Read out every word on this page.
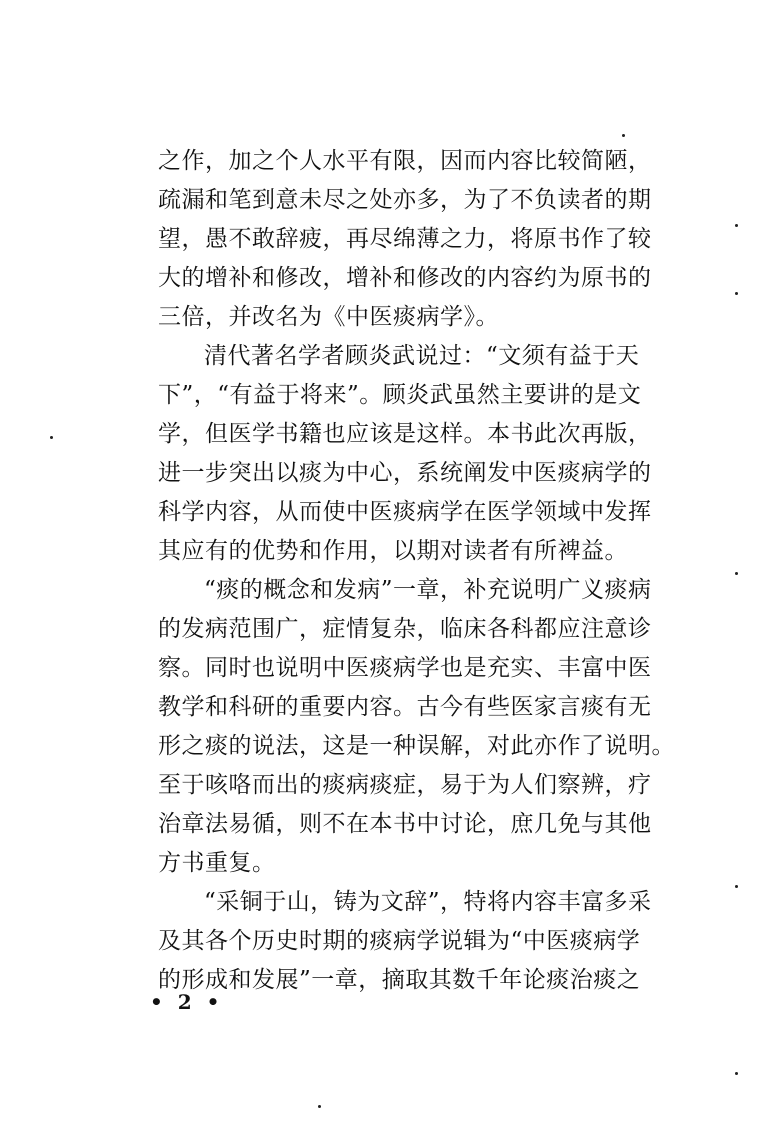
之作，加之个人水平有限，因而内容比较简陋，
疏漏和笔到意未尽之处亦多，为了不负读者的期
望，愚不敢辞疲，再尽绵薄之力，将原书作了较
大的增补和修改，增补和修改的内容约为原书的
三倍，并改名为《中医痰病学》。
清代著名学者顾炎武说过：“文须有益于天
下”，“有益于将来”。顾炎武虽然主要讲的是文
学，但医学书籍也应该是这样。本书此次再版，
进一步突出以痰为中心，系统阐发中医痰病学的
科学内容，从而使中医痰病学在医学领域中发挥
其应有的优势和作用，以期对读者有所裨益。
“痰的概念和发病”一章，补充说明广义痰病
的发病范围广，症情复杂，临床各科都应注意诊
察。同时也说明中医痰病学也是充实、丰富中医
教学和科研的重要内容。古今有些医家言痰有无
形之痰的说法，这是一种误解，对此亦作了说明。
至于咳咯而出的痰病痰症，易于为人们察辨，疗
治章法易循，则不在本书中讨论，庶几免与其他
方书重复。
“采铜于山，铸为文辞”，特将内容丰富多采
及其各个历史时期的痰病学说辑为“中医痰病学
的形成和发展”一章，摘取其数千年论痰治痰之
• 2 •
